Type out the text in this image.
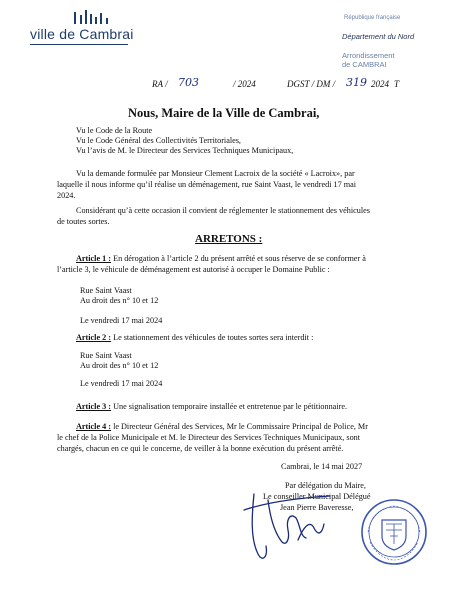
ville de Cambrai
République française
Département du Nord
Arrondissement
de CAMBRAI
RA / 703	/ 2024	DGST / DM / 319 2024 T
Nous, Maire de la Ville de Cambrai,
Vu le Code de la Route
Vu le Code Général des Collectivités Territoriales,
Vu l’avis de M. le Directeur des Services Techniques Municipaux,
Vu la demande formulée par Monsieur Clement Lacroix de la société « Lacroix», par
laquelle il nous informe qu’il réalise un déménagement, rue Saint Vaast, le vendredi 17 mai
2024.
Considérant qu’à cette occasion il convient de réglementer le stationnement des véhicules
de toutes sortes.
ARRETONS :
Article 1 : En dérogation à l’article 2 du présent arrêté et sous réserve de se conformer à
l’article 3, le véhicule de déménagement est autorisé à occuper le Domaine Public :
Rue Saint Vaast
Au droit des n° 10 et 12
Le vendredi 17 mai 2024
Article 2 : Le stationnement des véhicules de toutes sortes sera interdit :
Rue Saint Vaast
Au droit des n° 10 et 12
Le vendredi 17 mai 2024
Article 3 : Une signalisation temporaire installée et entretenue par le pétitionnaire.
Article 4 : le Directeur Général des Services, Mr le Commissaire Principal de Police, Mr
le chef de la Police Municipale et M. le Directeur des Services Techniques Municipaux, sont
chargés, chacun en ce qui le concerne, de veiller à la bonne exécution du présent arrêté.
Cambrai, le 14 mai 2027
Par délégation du Maire,
Le conseiller Municipal Délégué
Jean Pierre Baveresse,
